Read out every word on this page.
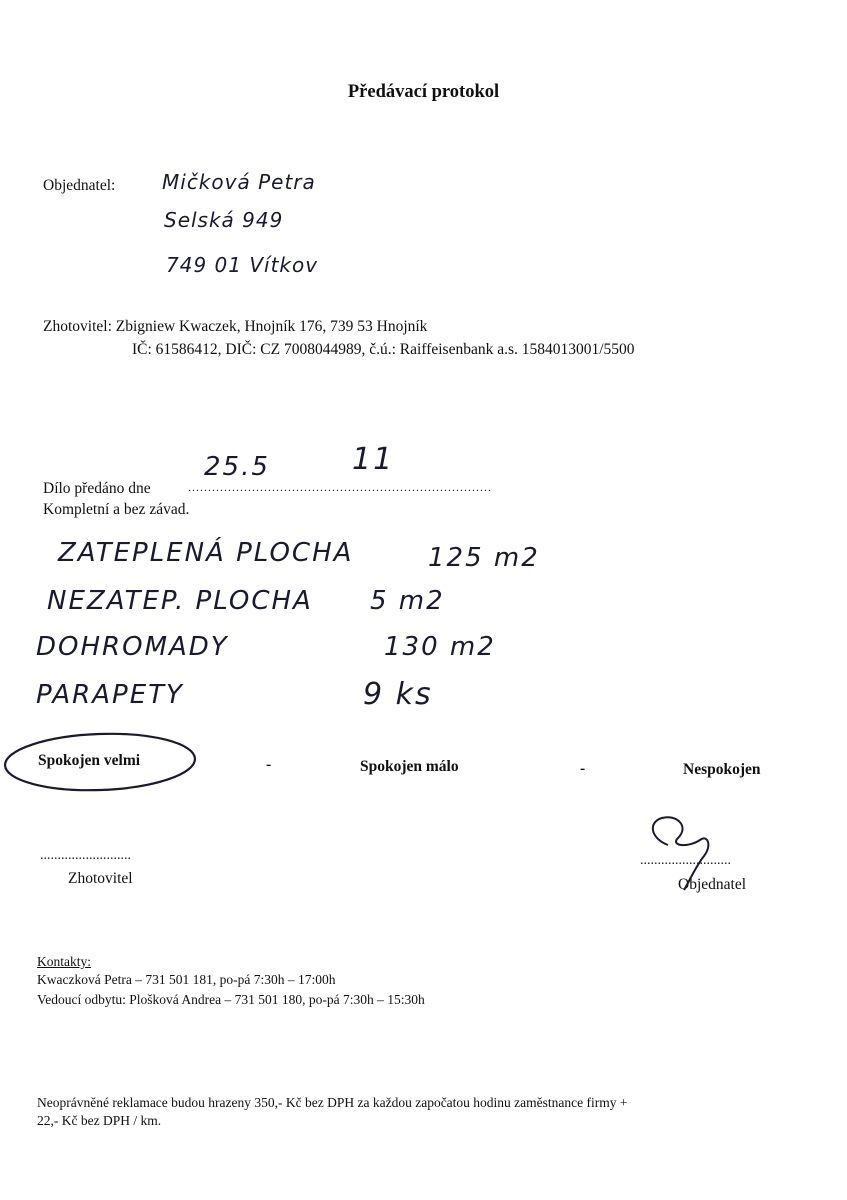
Předávací protokol
Objednatel: Mičková Petra
Selská 949
749 01 Vítkov
Zhotovitel: Zbigniew Kwaczek, Hnojník 176, 739 53 Hnojník
IČ: 61586412, DIČ: CZ 7008044989, č.ú.: Raiffeisenbank a.s. 1584013001/5500
Dílo předáno dne	............................................................................
25.5	11
Kompletní a bez závad.
ZATEPLENÁ PLOCHA	125 m2
NEZATEP. PLOCHA 5 m2
DOHROMADY	130 m2
PARAPETY	9 ks
Spokojen velmi	-	Spokojen málo	-	Nespokojen
..........................
Zhotovitel
..........................
Objednatel
Kontakty:
Kwaczková Petra – 731 501 181, po-pá 7:30h – 17:00h
Vedoucí odbytu: Plošková Andrea – 731 501 180, po-pá 7:30h – 15:30h
Neoprávněné reklamace budou hrazeny 350,- Kč bez DPH za každou započatou hodinu zaměstnance firmy +
22,- Kč bez DPH / km.
